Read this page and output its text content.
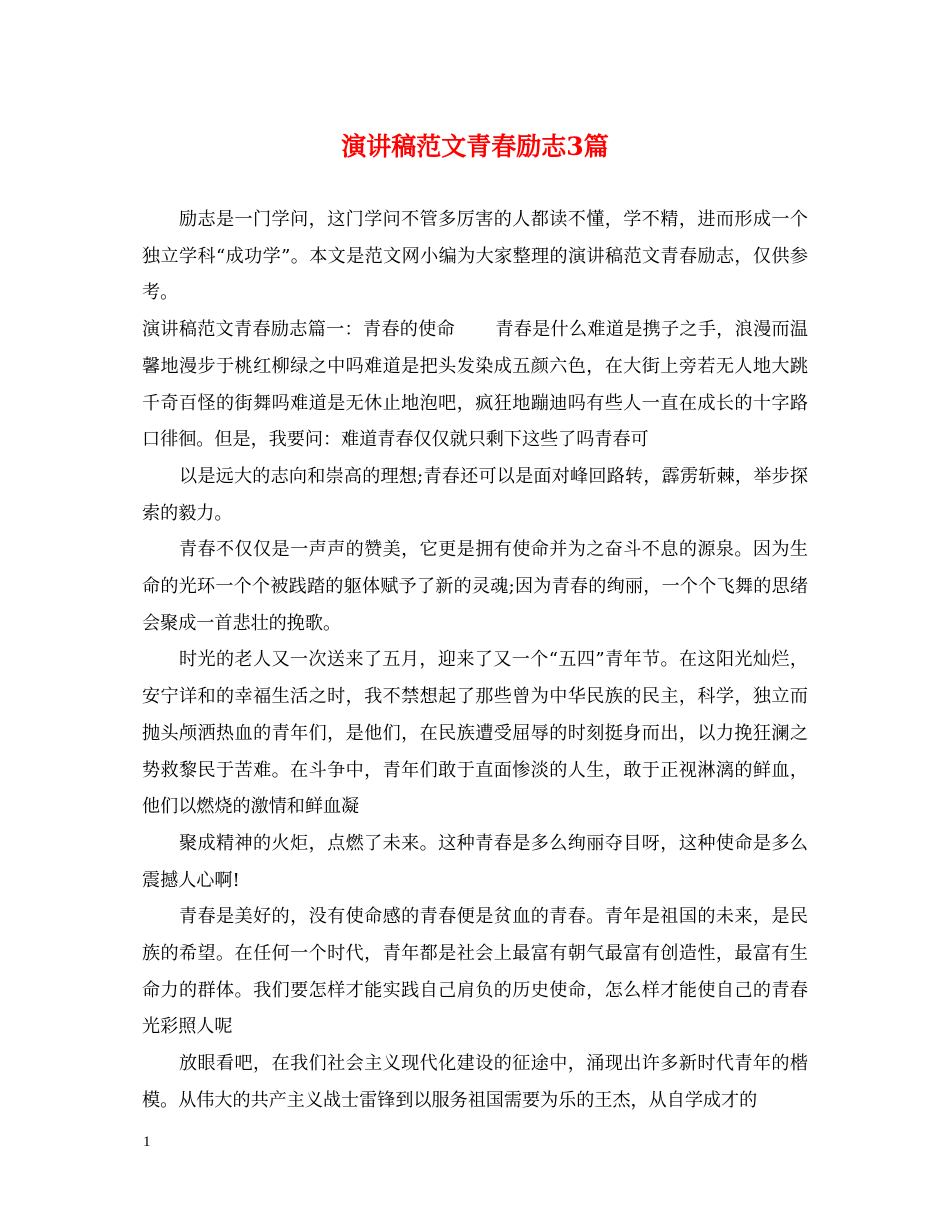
演讲稿范文青春励志3篇

励志是一门学问，这门学问不管多厉害的人都读不懂，学不精，进而形成一个独立学科“成功学”。本文是范文网小编为大家整理的演讲稿范文青春励志，仅供参考。

演讲稿范文青春励志篇一：青春的使命 青春是什么难道是携子之手，浪漫而温馨地漫步于桃红柳绿之中吗难道是把头发染成五颜六色，在大街上旁若无人地大跳千奇百怪的街舞吗难道是无休止地泡吧，疯狂地蹦迪吗有些人一直在成长的十字路口徘徊。但是，我要问：难道青春仅仅就只剩下这些了吗青春可

以是远大的志向和崇高的理想;青春还可以是面对峰回路转，霹雳斩棘，举步探索的毅力。

青春不仅仅是一声声的赞美，它更是拥有使命并为之奋斗不息的源泉。因为生命的光环一个个被践踏的躯体赋予了新的灵魂;因为青春的绚丽，一个个飞舞的思绪会聚成一首悲壮的挽歌。

时光的老人又一次送来了五月，迎来了又一个“五四”青年节。在这阳光灿烂，安宁详和的幸福生活之时，我不禁想起了那些曾为中华民族的民主，科学，独立而抛头颅洒热血的青年们，是他们，在民族遭受屈辱的时刻挺身而出，以力挽狂澜之势救黎民于苦难。在斗争中，青年们敢于直面惨淡的人生，敢于正视淋漓的鲜血，他们以燃烧的激情和鲜血凝

聚成精神的火炬，点燃了未来。这种青春是多么绚丽夺目呀，这种使命是多么震撼人心啊!

青春是美好的，没有使命感的青春便是贫血的青春。青年是祖国的未来，是民族的希望。在任何一个时代，青年都是社会上最富有朝气最富有创造性，最富有生命力的群体。我们要怎样才能实践自己肩负的历史使命，怎么样才能使自己的青春光彩照人呢

放眼看吧，在我们社会主义现代化建设的征途中，涌现出许多新时代青年的楷模。从伟大的共产主义战士雷锋到以服务祖国需要为乐的王杰，从自学成才的

1
